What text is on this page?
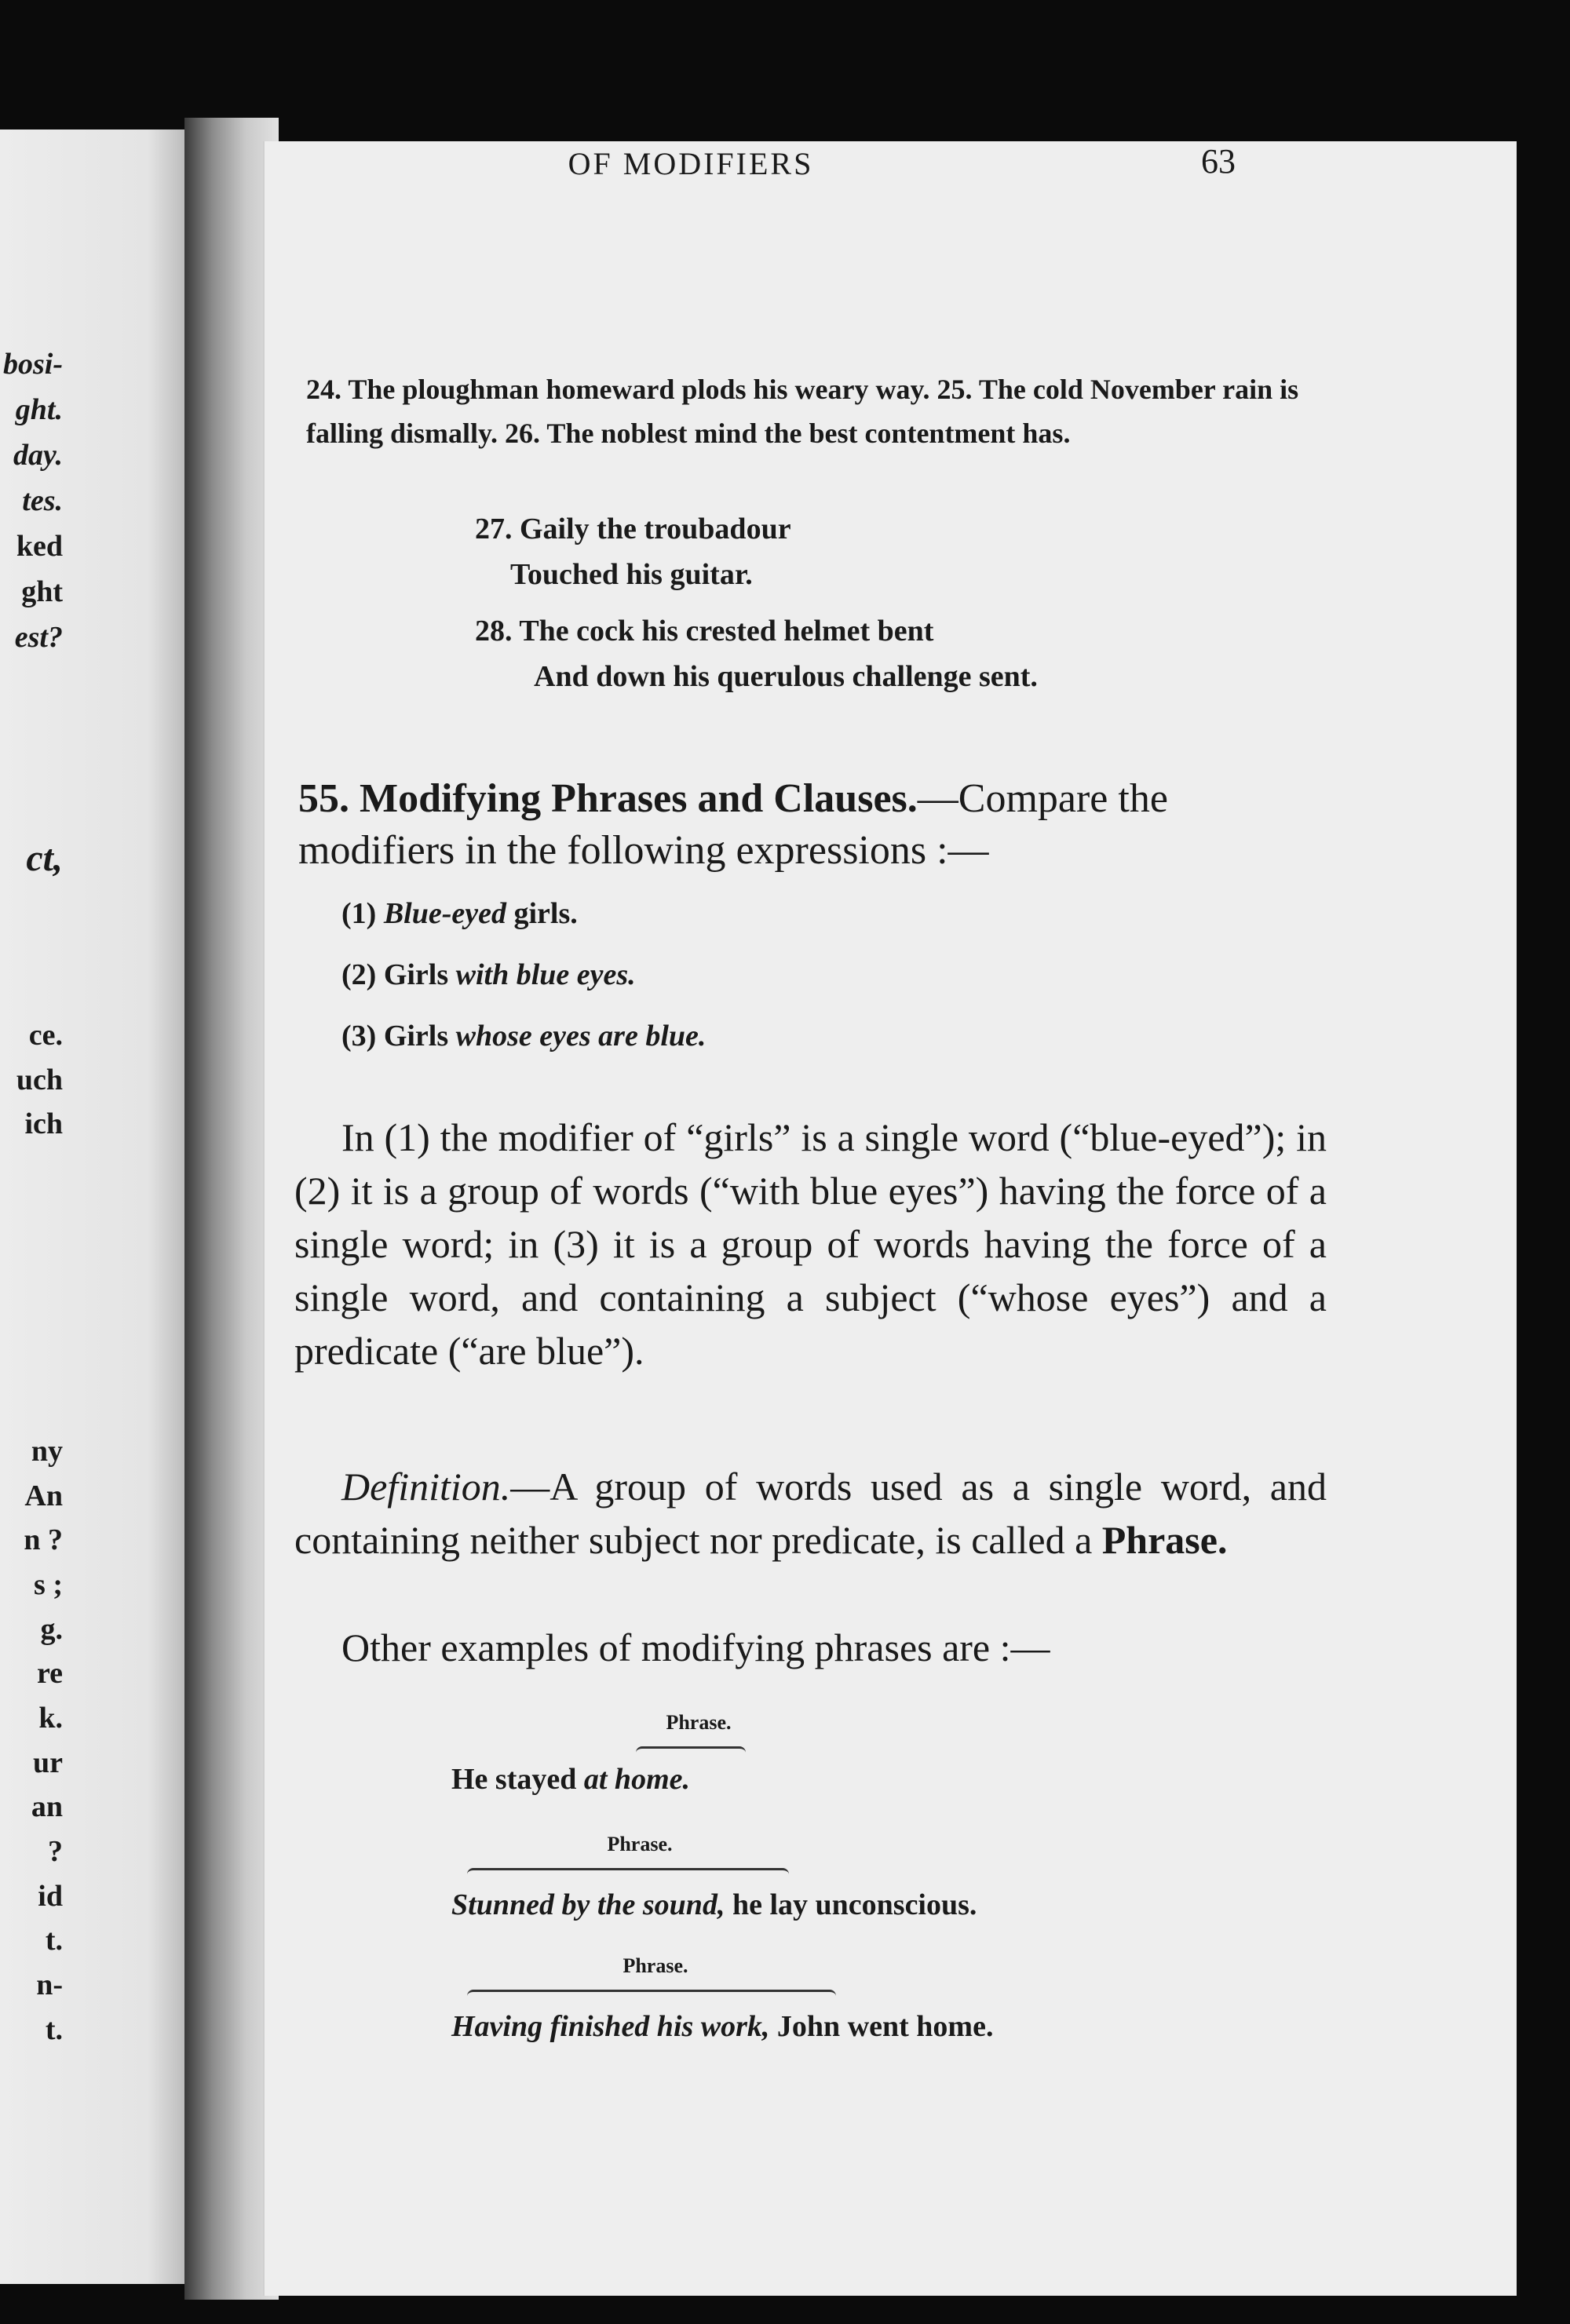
bosi-
ght.
day.
tes.
ked
ght
est?
ct,
ce.
uch
ich
ny
An
n ?
s ;
g.
re
k.
ur
an
?
id
t.
n-
t.
OF MODIFIERS	63
24. The ploughman homeward plods his weary way. 25. The cold November rain is falling dismally. 26. The noblest mind the best contentment has.
27. Gaily the troubadour
Touched his guitar.
28. The cock his crested helmet bent
And down his querulous challenge sent.
55. Modifying Phrases and Clauses.—Compare the modifiers in the following expressions :—
(1) Blue-eyed girls.
(2) Girls with blue eyes.
(3) Girls whose eyes are blue.
In (1) the modifier of “girls” is a single word (“blue-eyed”); in (2) it is a group of words (“with blue eyes”) having the force of a single word; in (3) it is a group of words having the force of a single word, and containing a subject (“whose eyes”) and a predicate (“are blue”).
Definition.—A group of words used as a single word, and containing neither subject nor predicate, is called a Phrase.
Other examples of modifying phrases are :—
Phrase.
He stayed at home.
Phrase.
Stunned by the sound, he lay unconscious.
Phrase.
Having finished his work, John went home.
